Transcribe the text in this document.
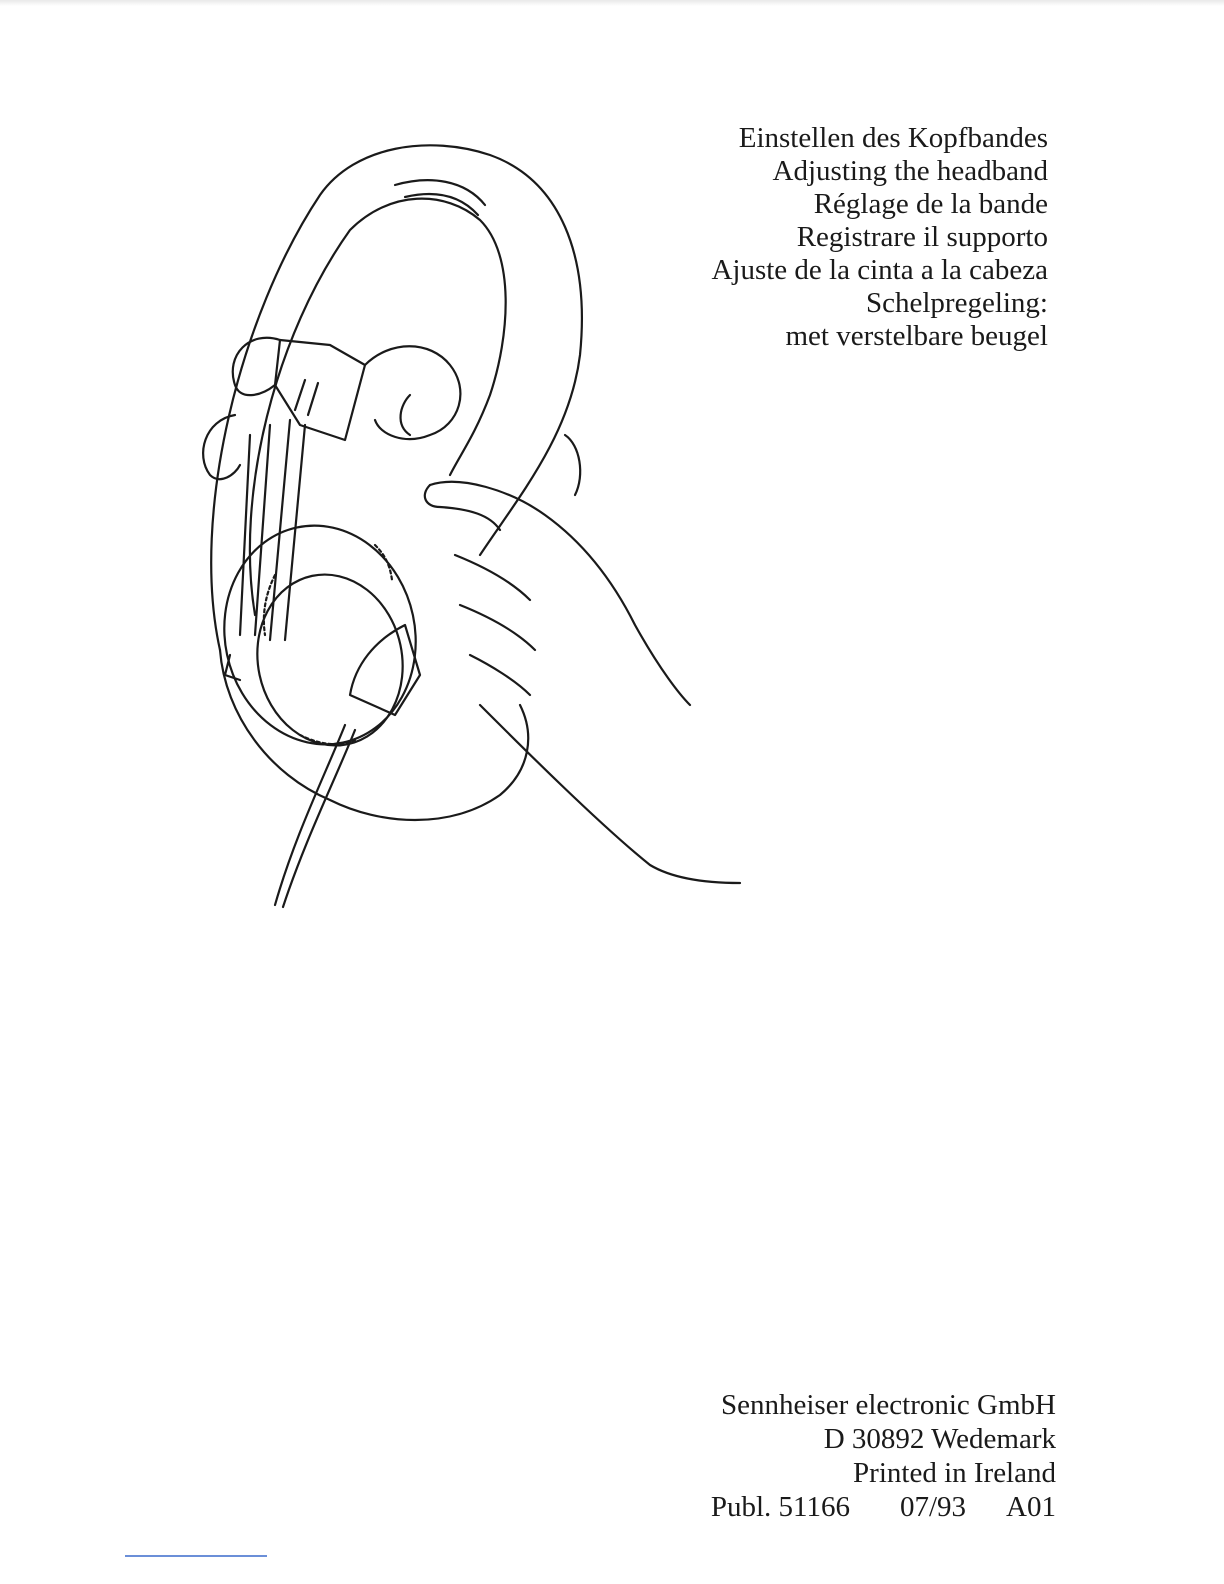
Einstellen des Kopfbandes
Adjusting the headband
Réglage de la bande
Registrare il supporto
Ajuste de la cinta a la cabeza
Schelpregeling:
met verstelbare beugel
Sennheiser electronic GmbH
D 30892 Wedemark
Printed in Ireland
Publ. 51166 07/93 A01
